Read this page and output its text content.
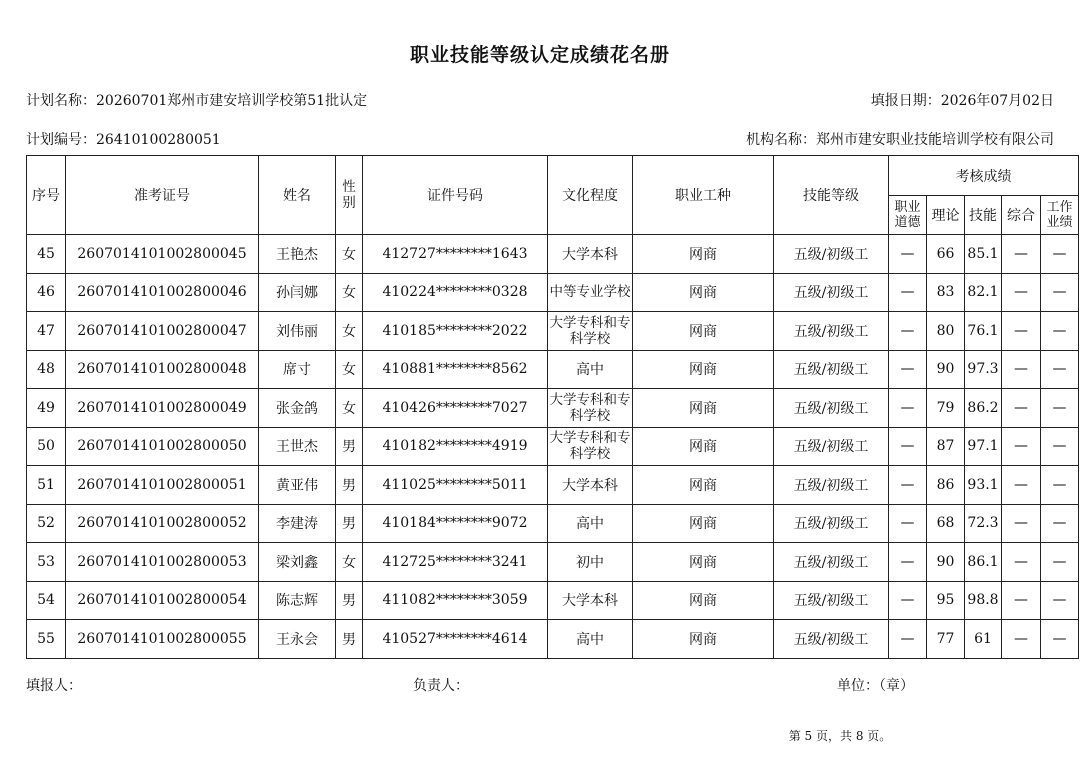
职业技能等级认定成绩花名册
计划名称：20260701郑州市建安培训学校第51批认定	填报日期：2026年07月02日
计划编号：26410100280051	机构名称：郑州市建安职业技能培训学校有限公司
序号	准考证号	姓名	性别	证件号码	文化程度	职业工种	技能等级	考核成绩				
								职业道德	理论	技能	综合	工作业绩
45	2607014101002800045	王艳杰	女	412727********1643	大学本科	网商	五级/初级工	—	66	85.1	—	—
46	2607014101002800046	孙闫娜	女	410224********0328	中等专业学校	网商	五级/初级工	—	83	82.1	—	—
47	2607014101002800047	刘伟丽	女	410185********2022	大学专科和专科学校	网商	五级/初级工	—	80	76.1	—	—
48	2607014101002800048	席寸	女	410881********8562	高中	网商	五级/初级工	—	90	97.3	—	—
49	2607014101002800049	张金鸽	女	410426********7027	大学专科和专科学校	网商	五级/初级工	—	79	86.2	—	—
50	2607014101002800050	王世杰	男	410182********4919	大学专科和专科学校	网商	五级/初级工	—	87	97.1	—	—
51	2607014101002800051	黄亚伟	男	411025********5011	大学本科	网商	五级/初级工	—	86	93.1	—	—
52	2607014101002800052	李建涛	男	410184********9072	高中	网商	五级/初级工	—	68	72.3	—	—
53	2607014101002800053	梁刘鑫	女	412725********3241	初中	网商	五级/初级工	—	90	86.1	—	—
54	2607014101002800054	陈志辉	男	411082********3059	大学本科	网商	五级/初级工	—	95	98.8	—	—
55	2607014101002800055	王永会	男	410527********4614	高中	网商	五级/初级工	—	77	61	—	—
填报人：	负责人：	单位：（章）
第 5 页，共 8 页。
